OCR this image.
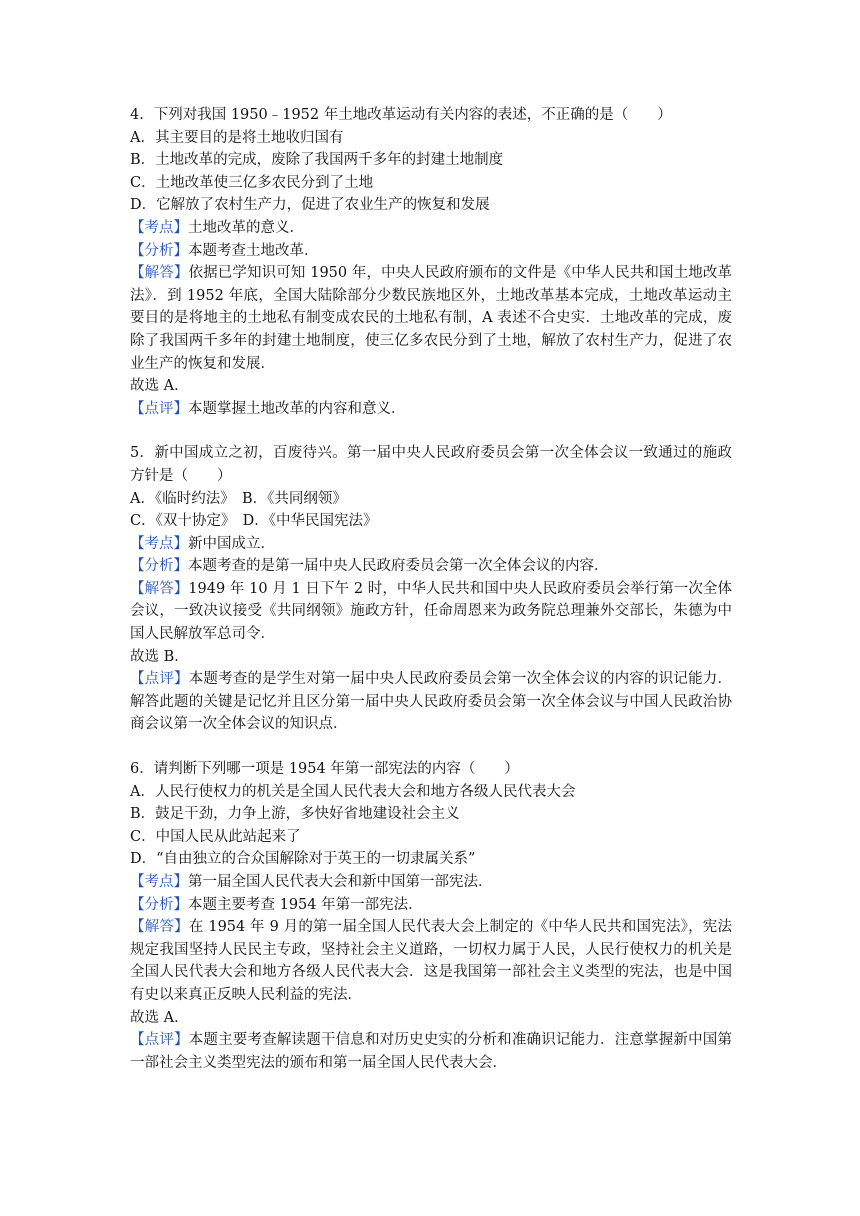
4．下列对我国 1950﹣1952 年土地改革运动有关内容的表述，不正确的是（　　）
A．其主要目的是将土地收归国有
B．土地改革的完成，废除了我国两千多年的封建土地制度
C．土地改革使三亿多农民分到了土地
D．它解放了农村生产力，促进了农业生产的恢复和发展
【考点】土地改革的意义．
【分析】本题考查土地改革．
【解答】依据已学知识可知 1950 年，中央人民政府颁布的文件是《中华人民共和国土地改革法》．到 1952 年底，全国大陆除部分少数民族地区外，土地改革基本完成，土地改革运动主要目的是将地主的土地私有制变成农民的土地私有制，A 表述不合史实．土地改革的完成，废除了我国两千多年的封建土地制度，使三亿多农民分到了土地，解放了农村生产力，促进了农业生产的恢复和发展．
故选 A．
【点评】本题掌握土地改革的内容和意义．
5．新中国成立之初，百废待兴。第一届中央人民政府委员会第一次全体会议一致通过的施政方针是（　　）
A．《临时约法》　B．《共同纲领》
C．《双十协定》　D．《中华民国宪法》
【考点】新中国成立．
【分析】本题考查的是第一届中央人民政府委员会第一次全体会议的内容．
【解答】1949 年 10 月 1 日下午 2 时，中华人民共和国中央人民政府委员会举行第一次全体会议，一致决议接受《共同纲领》施政方针，任命周恩来为政务院总理兼外交部长，朱德为中国人民解放军总司令．
故选 B．
【点评】本题考查的是学生对第一届中央人民政府委员会第一次全体会议的内容的识记能力．解答此题的关键是记忆并且区分第一届中央人民政府委员会第一次全体会议与中国人民政治协商会议第一次全体会议的知识点．
6．请判断下列哪一项是 1954 年第一部宪法的内容（　　）
A．人民行使权力的机关是全国人民代表大会和地方各级人民代表大会
B．鼓足干劲，力争上游，多快好省地建设社会主义
C．中国人民从此站起来了
D．“自由独立的合众国解除对于英王的一切隶属关系”
【考点】第一届全国人民代表大会和新中国第一部宪法．
【分析】本题主要考查 1954 年第一部宪法．
【解答】在 1954 年 9 月的第一届全国人民代表大会上制定的《中华人民共和国宪法》，宪法规定我国坚持人民民主专政，坚持社会主义道路，一切权力属于人民，人民行使权力的机关是全国人民代表大会和地方各级人民代表大会．这是我国第一部社会主义类型的宪法，也是中国有史以来真正反映人民利益的宪法．
故选 A．
【点评】本题主要考查解读题干信息和对历史史实的分析和准确识记能力．注意掌握新中国第一部社会主义类型宪法的颁布和第一届全国人民代表大会．
